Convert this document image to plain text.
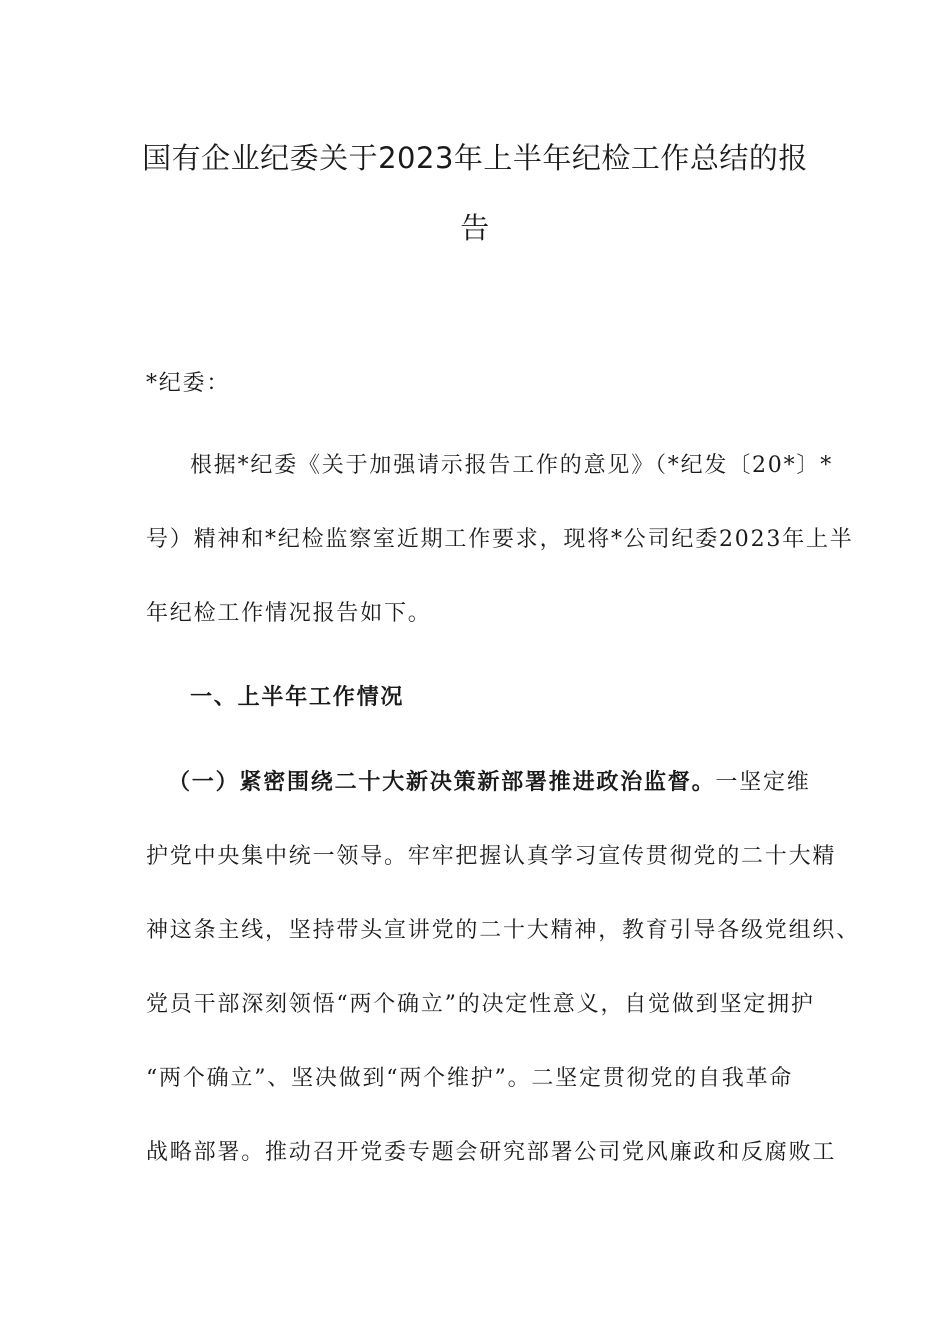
国有企业纪委关于2023年上半年纪检工作总结的报
告
*纪委：
根据*纪委《关于加强请示报告工作的意见》（*纪发〔20*〕*
号）精神和*纪检监察室近期工作要求，现将*公司纪委2023年上半
年纪检工作情况报告如下。
一、上半年工作情况
（一）紧密围绕二十大新决策新部署推进政治监督。一坚定维
护党中央集中统一领导。牢牢把握认真学习宣传贯彻党的二十大精
神这条主线，坚持带头宣讲党的二十大精神，教育引导各级党组织、
党员干部深刻领悟“两个确立”的决定性意义，自觉做到坚定拥护
“两个确立”、坚决做到“两个维护”。二坚定贯彻党的自我革命
战略部署。推动召开党委专题会研究部署公司党风廉政和反腐败工
